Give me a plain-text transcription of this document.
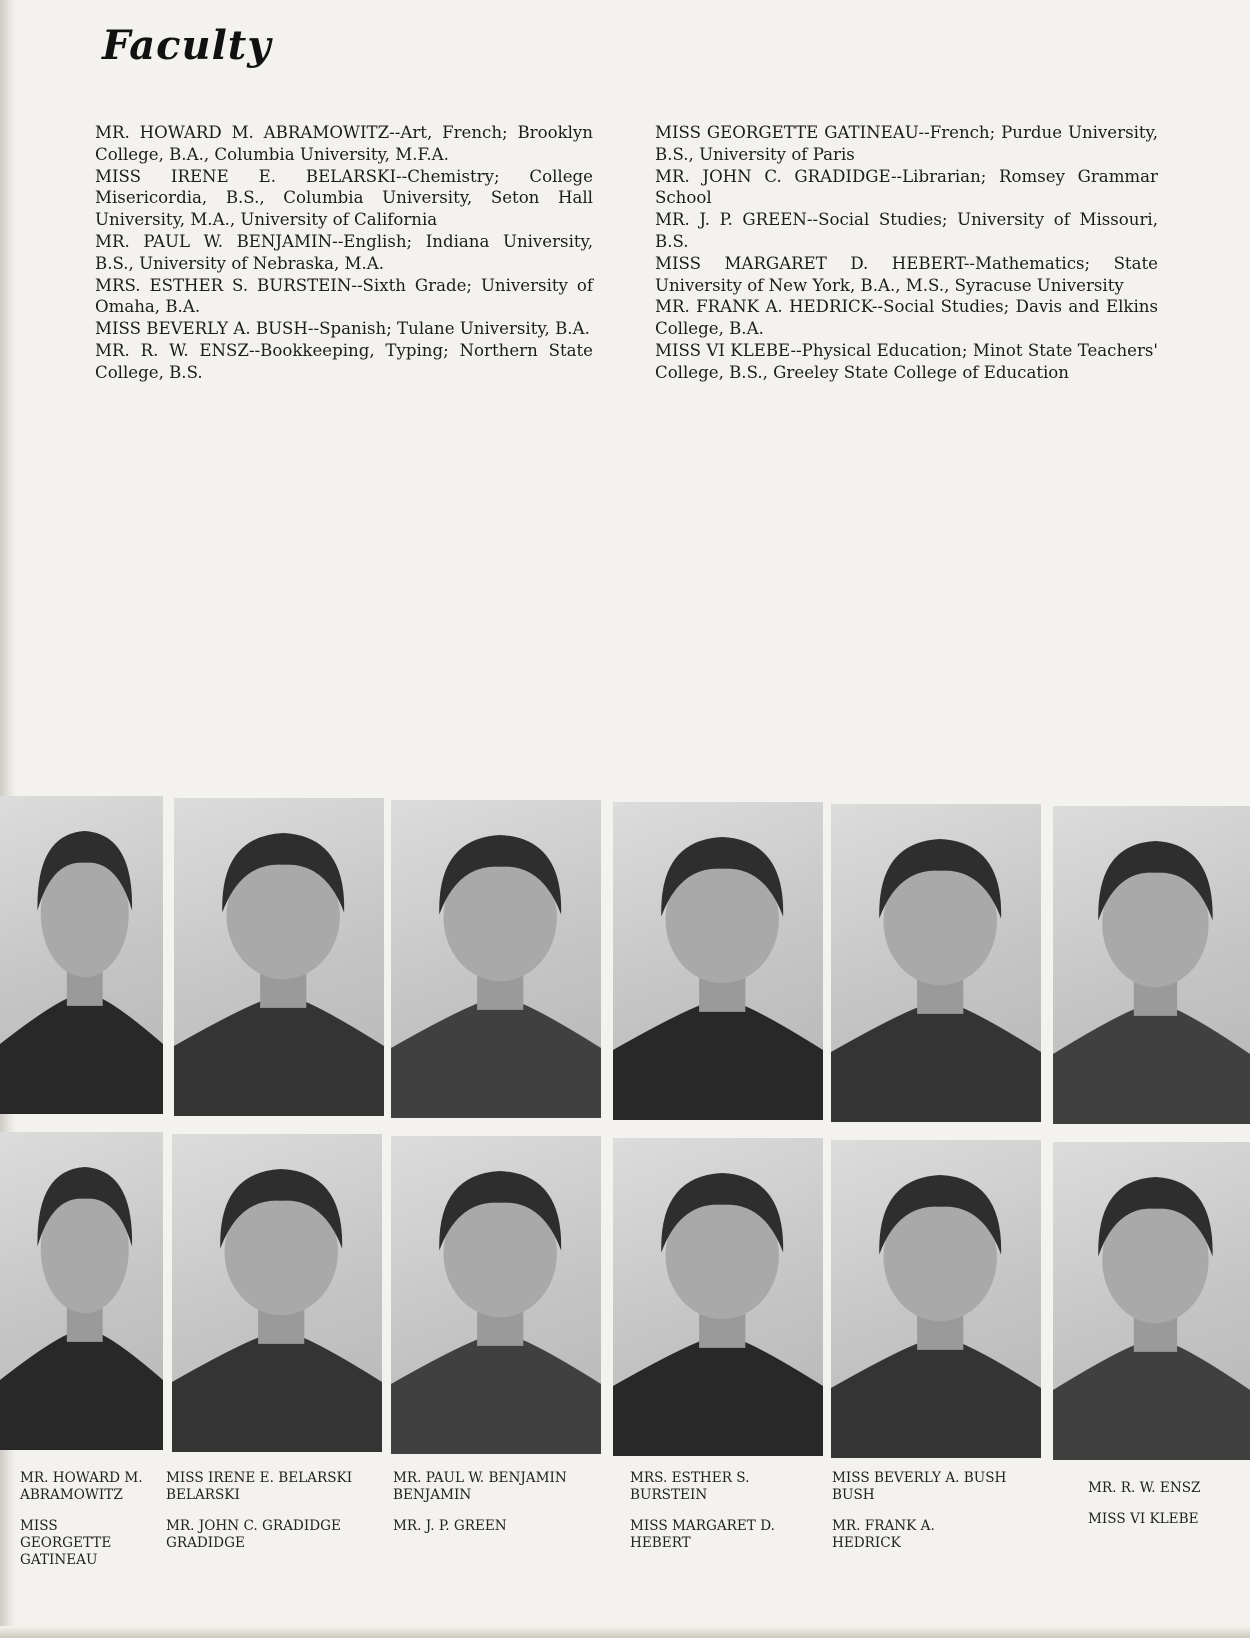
Faculty

MR. HOWARD M. ABRAMOWITZ--Art, French; Brooklyn College, B.A., Columbia University, M.F.A.

MISS IRENE E. BELARSKI--Chemistry; College Misericordia, B.S., Columbia University, Seton Hall University, M.A., University of California

MR. PAUL W. BENJAMIN--English; Indiana University, B.S., University of Nebraska, M.A.

MRS. ESTHER S. BURSTEIN--Sixth Grade; University of Omaha, B.A.

MISS BEVERLY A. BUSH--Spanish; Tulane University, B.A.

MR. R. W. ENSZ--Bookkeeping, Typing; Northern State College, B.S.

MISS GEORGETTE GATINEAU--French; Purdue University, B.S., University of Paris

MR. JOHN C. GRADIDGE--Librarian; Romsey Grammar School

MR. J. P. GREEN--Social Studies; University of Missouri, B.S.

MISS MARGARET D. HEBERT--Mathematics; State University of New York, B.A., M.S., Syracuse University

MR. FRANK A. HEDRICK--Social Studies; Davis and Elkins College, B.A.

MISS VI KLEBE--Physical Education; Minot State Teachers' College, B.S., Greeley State College of Education

MR. HOWARD M.
ABRAMOWITZ
MISS
GEORGETTE
GATINEAU
MISS IRENE E. BELARSKI
BELARSKI
MR. JOHN C. GRADIDGE
GRADIDGE
MR. PAUL W. BENJAMIN
BENJAMIN
MR. J. P. GREEN
MRS. ESTHER S.
BURSTEIN
MISS MARGARET D.
HEBERT
MISS BEVERLY A. BUSH
BUSH
MR. FRANK A.
HEDRICK
MR. R. W. ENSZ
MISS VI KLEBE
